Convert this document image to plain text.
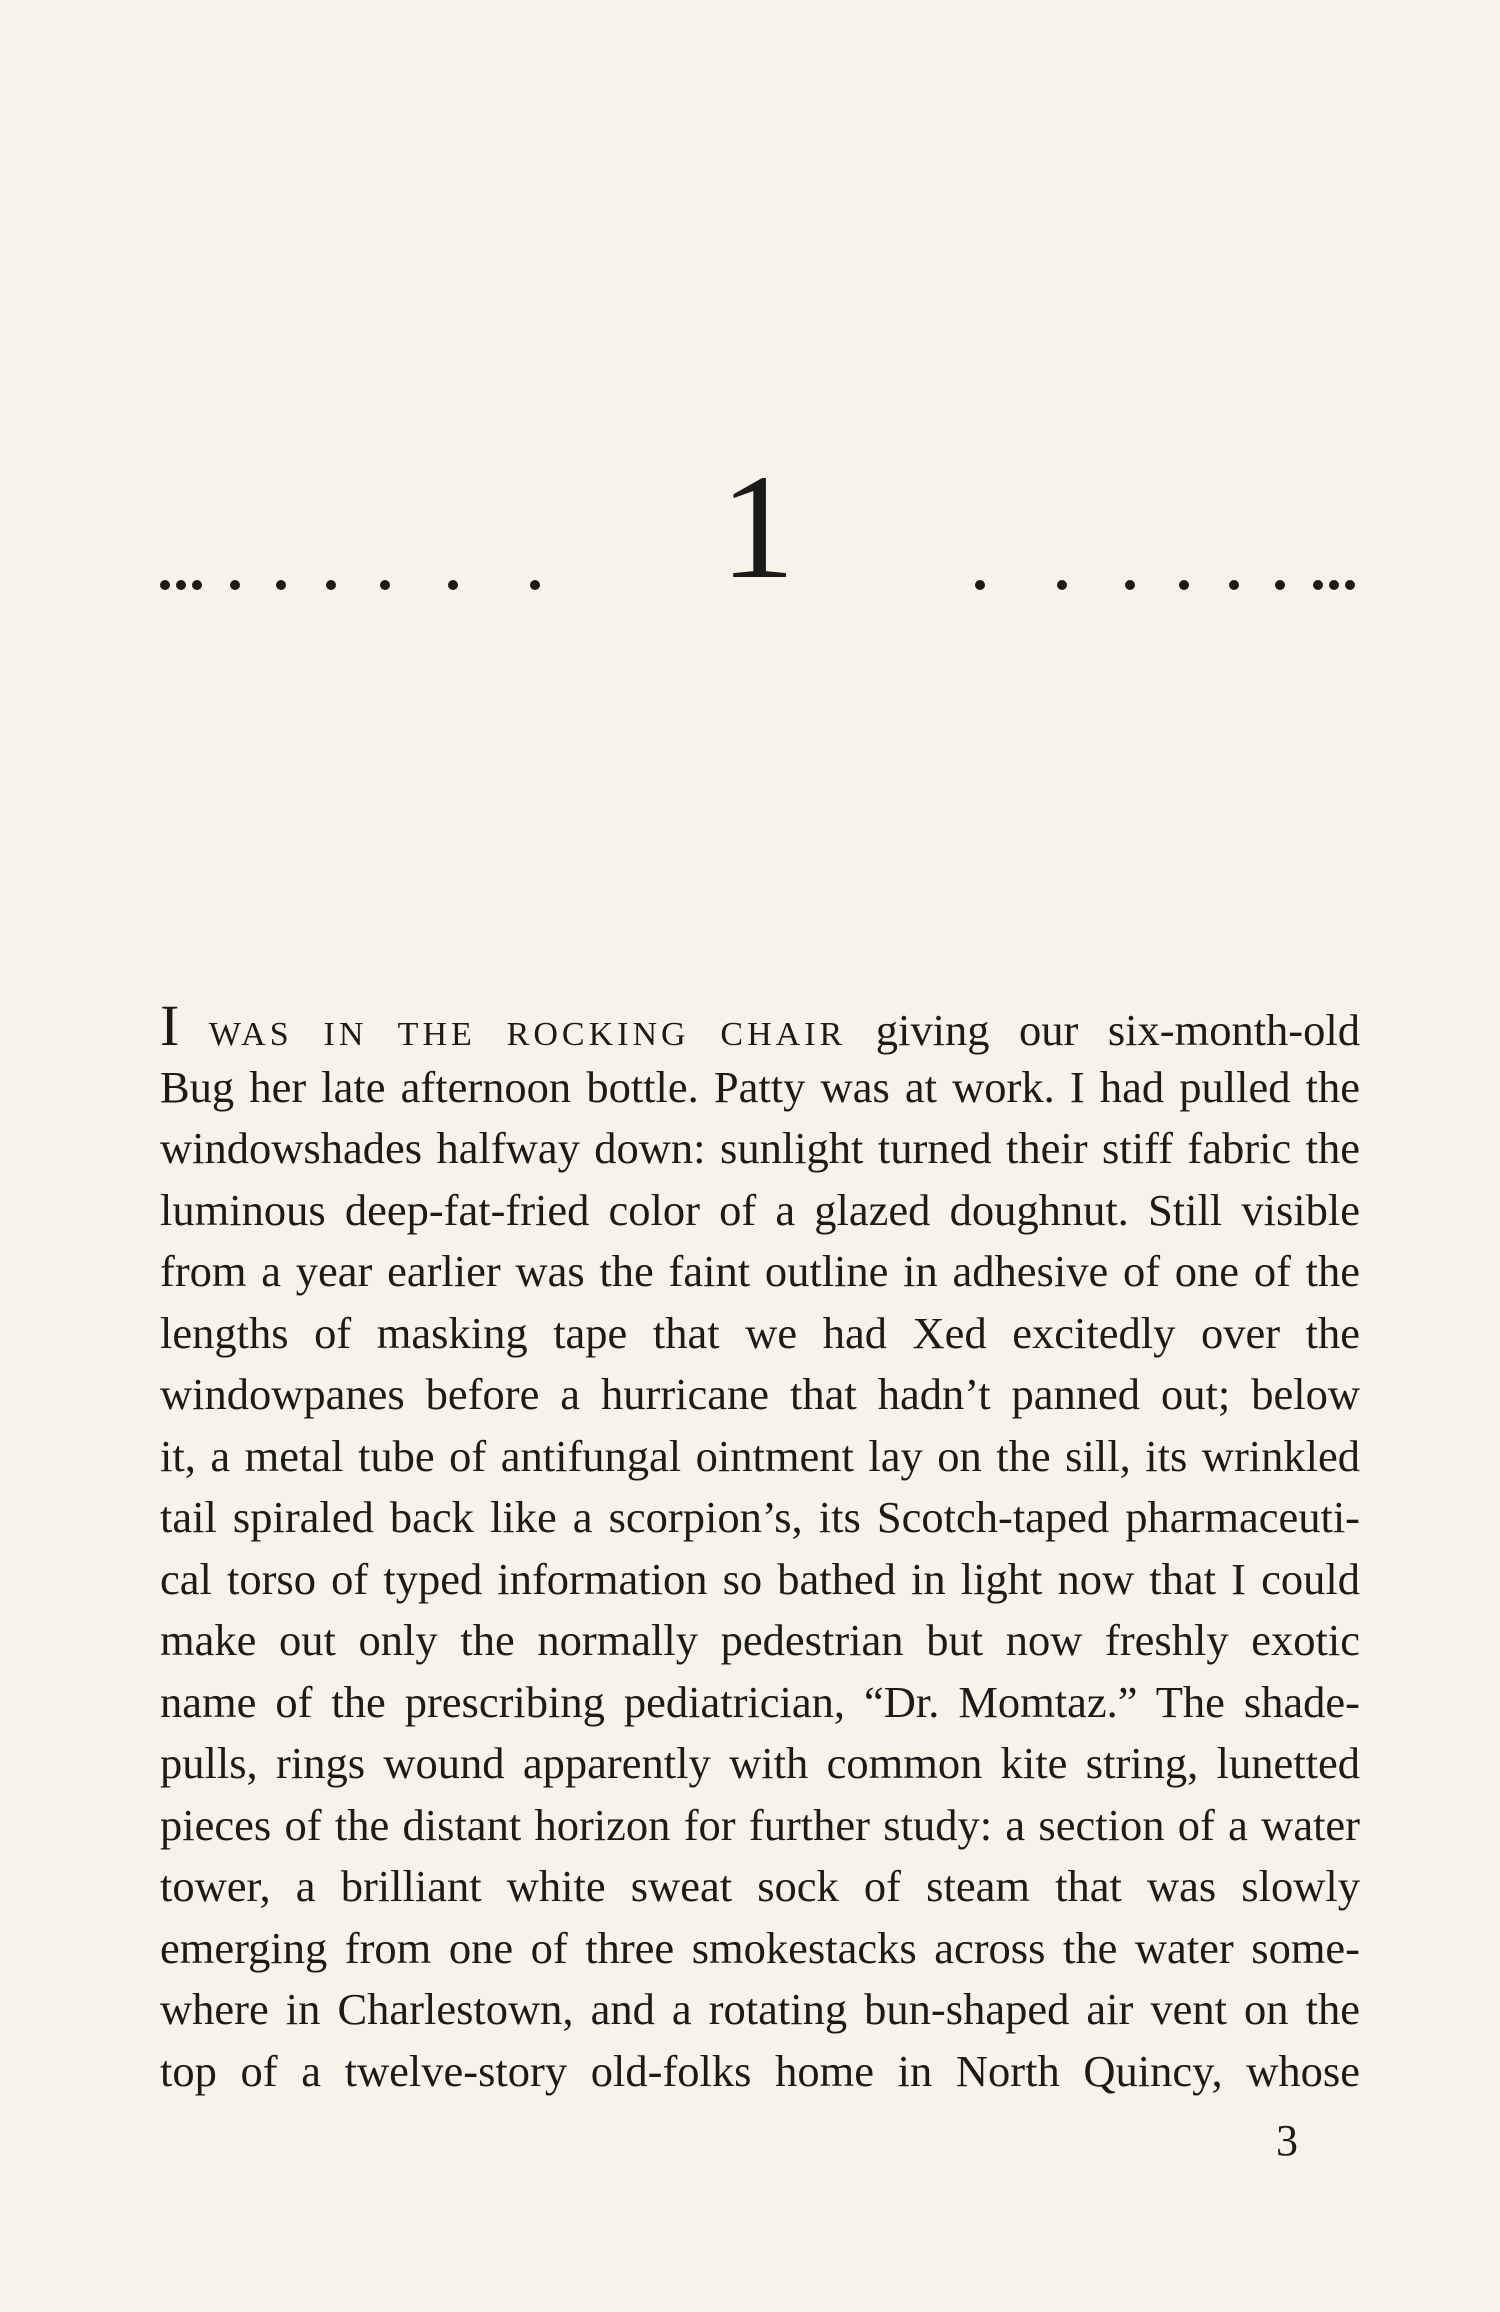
1
I WAS IN THE ROCKING CHAIR giving our six-month-old
Bug her late afternoon bottle. Patty was at work. I had pulled the
windowshades halfway down: sunlight turned their stiff fabric the
luminous deep-fat-fried color of a glazed doughnut. Still visible
from a year earlier was the faint outline in adhesive of one of the
lengths of masking tape that we had Xed excitedly over the
windowpanes before a hurricane that hadn’t panned out; below
it, a metal tube of antifungal ointment lay on the sill, its wrinkled
tail spiraled back like a scorpion’s, its Scotch-taped pharmaceuti-
cal torso of typed information so bathed in light now that I could
make out only the normally pedestrian but now freshly exotic
name of the prescribing pediatrician, “Dr. Momtaz.” The shade-
pulls, rings wound apparently with common kite string, lunetted
pieces of the distant horizon for further study: a section of a water
tower, a brilliant white sweat sock of steam that was slowly
emerging from one of three smokestacks across the water some-
where in Charlestown, and a rotating bun-shaped air vent on the
top of a twelve-story old-folks home in North Quincy, whose
3
